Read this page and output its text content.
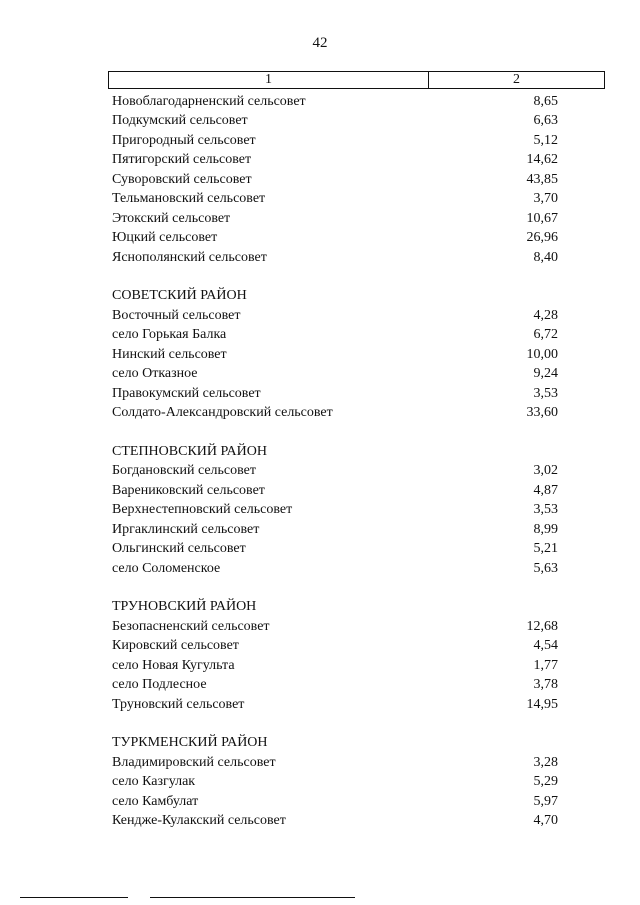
42
1	2
Новоблагодарненский сельсовет	8,65
Подкумский сельсовет	6,63
Пригородный сельсовет	5,12
Пятигорский сельсовет	14,62
Суворовский сельсовет	43,85
Тельмановский сельсовет	3,70
Этокский сельсовет	10,67
Юцкий сельсовет	26,96
Яснополянский сельсовет	8,40
СОВЕТСКИЙ РАЙОН
Восточный сельсовет	4,28
село Горькая Балка	6,72
Нинский сельсовет	10,00
село Отказное	9,24
Правокумский сельсовет	3,53
Солдато-Александровский сельсовет	33,60
СТЕПНОВСКИЙ РАЙОН
Богдановский сельсовет	3,02
Варениковский сельсовет	4,87
Верхнестепновский сельсовет	3,53
Иргаклинский сельсовет	8,99
Ольгинский сельсовет	5,21
село Соломенское	5,63
ТРУНОВСКИЙ РАЙОН
Безопасненский сельсовет	12,68
Кировский сельсовет	4,54
село Новая Кугульта	1,77
село Подлесное	3,78
Труновский сельсовет	14,95
ТУРКМЕНСКИЙ РАЙОН
Владимировский сельсовет	3,28
село Казгулак	5,29
село Камбулат	5,97
Кендже-Кулакский сельсовет	4,70
